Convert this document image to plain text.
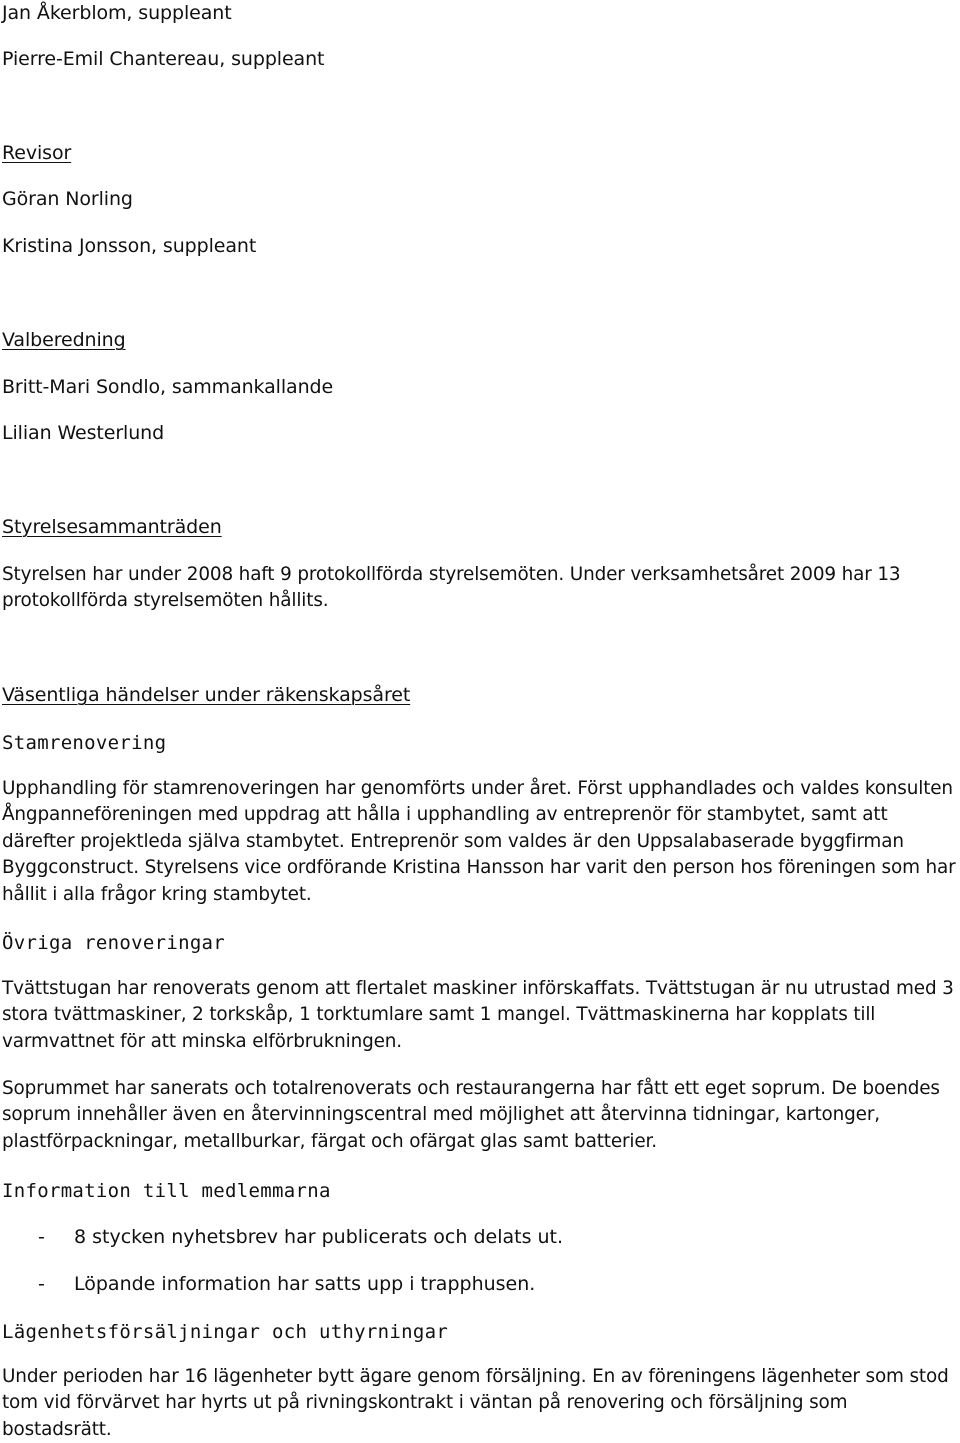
Jan Åkerblom, suppleant
Pierre-Emil Chantereau, suppleant
Revisor
Göran Norling
Kristina Jonsson, suppleant
Valberedning
Britt-Mari Sondlo, sammankallande
Lilian Westerlund
Styrelsesammanträden

Styrelsen har under 2008 haft 9 protokollförda styrelsemöten. Under verksamhetsåret 2009 har 13 protokollförda styrelsemöten hållits.

Väsentliga händelser under räkenskapsåret
Stamrenovering

Upphandling för stamrenoveringen har genomförts under året. Först upphandlades och valdes konsulten Ångpanneföreningen med uppdrag att hålla i upphandling av entreprenör för stambytet, samt att därefter projektleda själva stambytet. Entreprenör som valdes är den Uppsalabaserade byggfirman Byggconstruct. Styrelsens vice ordförande Kristina Hansson har varit den person hos föreningen som har hållit i alla frågor kring stambytet.

Övriga renoveringar

Tvättstugan har renoverats genom att flertalet maskiner införskaffats. Tvättstugan är nu utrustad med 3 stora tvättmaskiner, 2 torkskåp, 1 torktumlare samt 1 mangel. Tvättmaskinerna har kopplats till varmvattnet för att minska elförbrukningen.

Soprummet har sanerats och totalrenoverats och restaurangerna har fått ett eget soprum. De boendes soprum innehåller även en återvinningscentral med möjlighet att återvinna tidningar, kartonger, plastförpackningar, metallburkar, färgat och ofärgat glas samt batterier.

Information till medlemmarna
- 8 stycken nyhetsbrev har publicerats och delats ut.
- Löpande information har satts upp i trapphusen.
Lägenhetsförsäljningar och uthyrningar

Under perioden har 16 lägenheter bytt ägare genom försäljning. En av föreningens lägenheter som stod tom vid förvärvet har hyrts ut på rivningskontrakt i väntan på renovering och försäljning som bostadsrätt.
